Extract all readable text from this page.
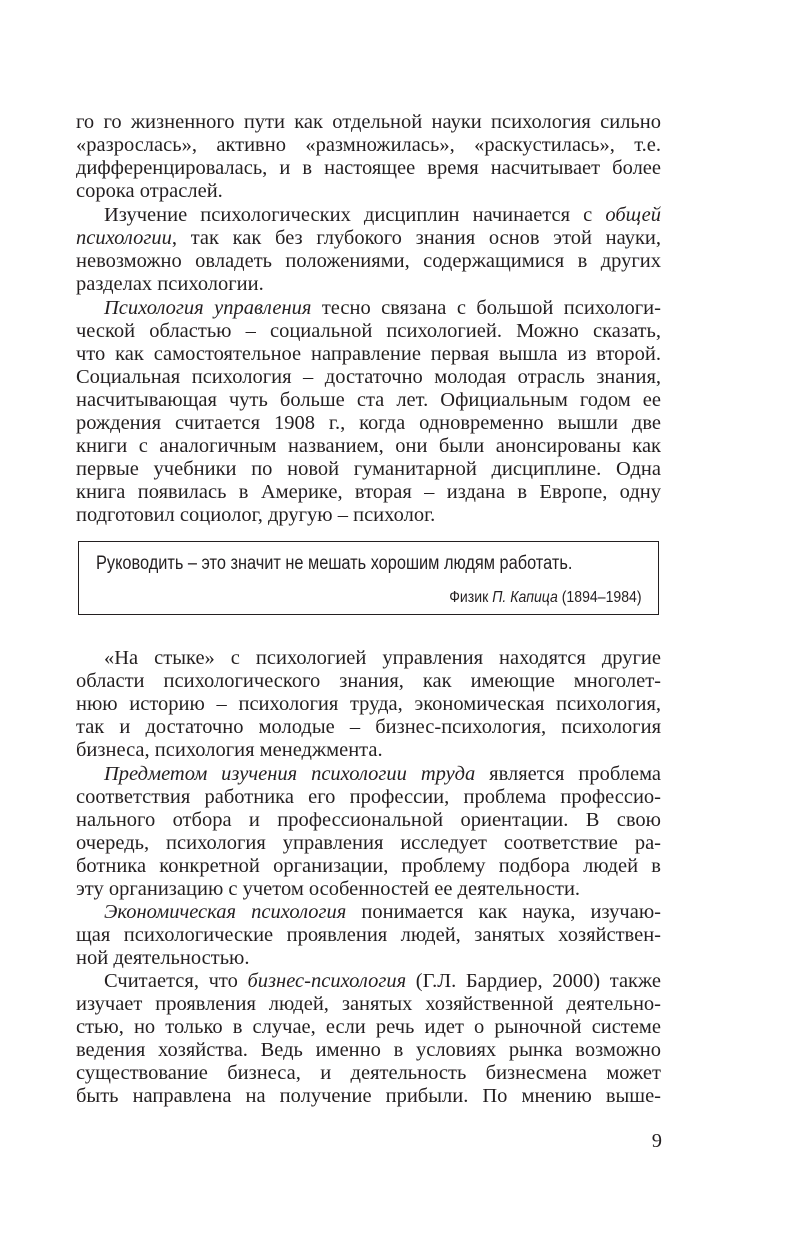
го го жизненного пути как отдельной науки психология сильно
«разрослась», активно «размножилась», «раскустилась», т.е.
дифференцировалась, и в настоящее время насчитывает более
сорока отраслей.
Изучение психологических дисциплин начинается с общей
психологии, так как без глубокого знания основ этой науки,
невозможно овладеть положениями, содержащимися в других
разделах психологии.
Психология управления тесно связана с большой психологи-
ческой областью – социальной психологией. Можно сказать,
что как самостоятельное направление первая вышла из второй.
Социальная психология – достаточно молодая отрасль знания,
насчитывающая чуть больше ста лет. Официальным годом ее
рождения считается 1908 г., когда одновременно вышли две
книги с аналогичным названием, они были анонсированы как
первые учебники по новой гуманитарной дисциплине. Одна
книга появилась в Америке, вторая – издана в Европе, одну
подготовил социолог, другую – психолог.
Руководить – это значит не мешать хорошим людям работать.
Физик П. Капица (1894–1984)
«На стыке» с психологией управления находятся другие
области психологического знания, как имеющие многолет-
нюю историю – психология труда, экономическая психология,
так и достаточно молодые – бизнес-психология, психология
бизнеса, психология менеджмента.
Предметом изучения психологии труда является проблема
соответствия работника его профессии, проблема профессио-
нального отбора и профессиональной ориентации. В свою
очередь, психология управления исследует соответствие ра-
ботника конкретной организации, проблему подбора людей в
эту организацию с учетом особенностей ее деятельности.
Экономическая психология понимается как наука, изучаю-
щая психологические проявления людей, занятых хозяйствен-
ной деятельностью.
Считается, что бизнес-психология (Г.Л. Бардиер, 2000) также
изучает проявления людей, занятых хозяйственной деятельно-
стью, но только в случае, если речь идет о рыночной системе
ведения хозяйства. Ведь именно в условиях рынка возможно
существование бизнеса, и деятельность бизнесмена может
быть направлена на получение прибыли. По мнению выше-
9
